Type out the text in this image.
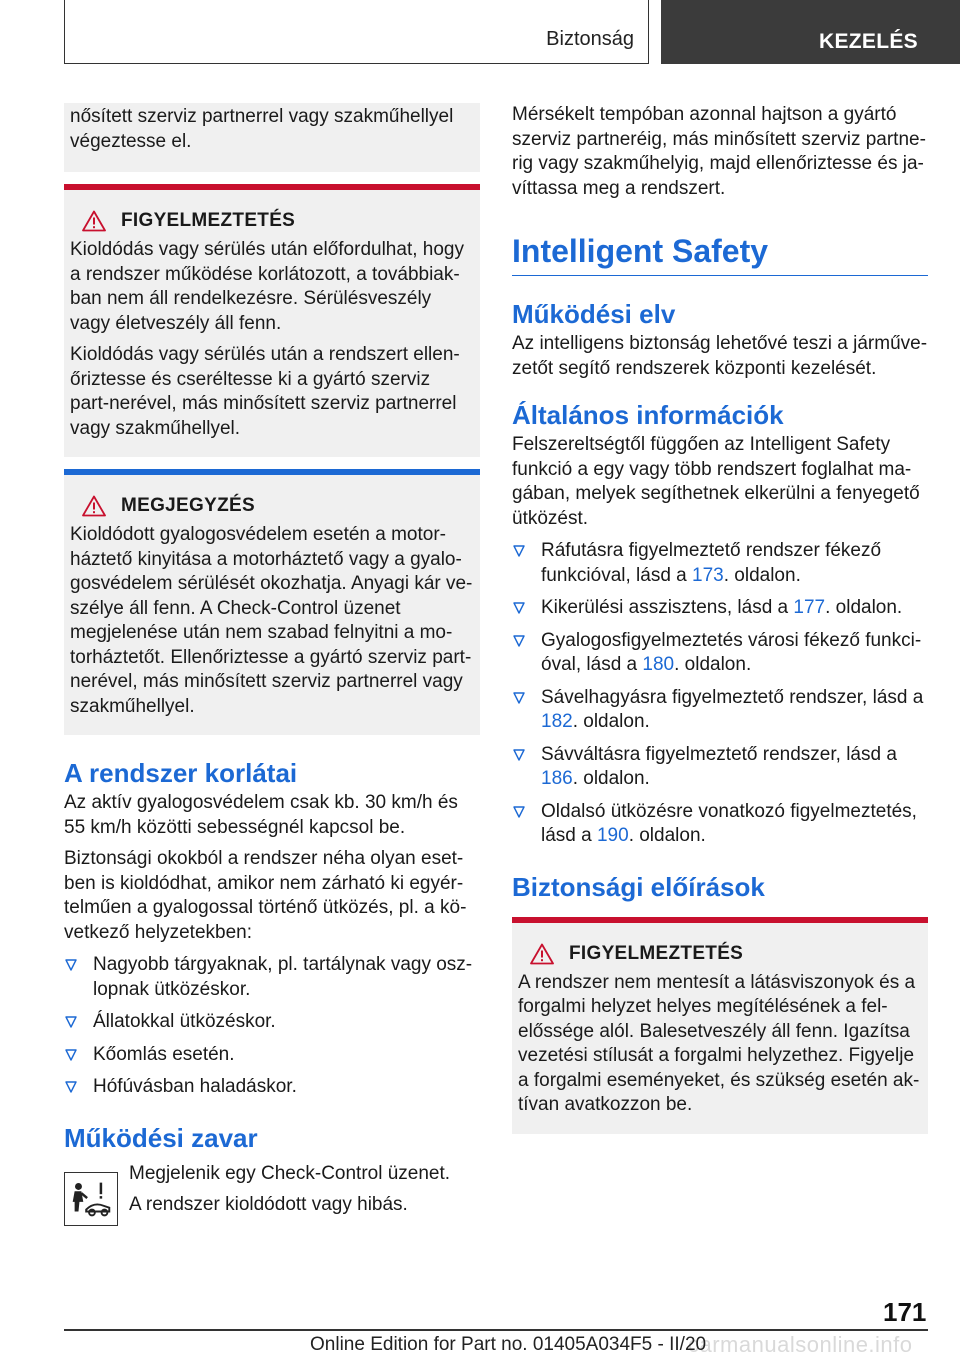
Biztonság	KEZELÉS

nősített szerviz partnerrel vagy szakműhellyel végeztesse el.

FIGYELMEZTETÉS

Kioldódás vagy sérülés után előfordulhat, hogy a rendszer működése korlátozott, a továbbiak-ban nem áll rendelkezésre. Sérülésveszély vagy életveszély áll fenn.

Kioldódás vagy sérülés után a rendszert ellen-őriztesse és cseréltesse ki a gyártó szerviz part-nerével, más minősített szerviz partnerrel vagy szakműhellyel.

MEGJEGYZÉS

Kioldódott gyalogosvédelem esetén a motor-háztető kinyitása a motorháztető vagy a gyalo-gosvédelem sérülését okozhatja. Anyagi kár ve-szélye áll fenn. A Check-Control üzenet megjelenése után nem szabad felnyitni a mo-torháztetőt. Ellenőriztesse a gyártó szerviz part-nerével, más minősített szerviz partnerrel vagy szakműhellyel.

A rendszer korlátai

Az aktív gyalogosvédelem csak kb. 30 km/h és 55 km/h közötti sebességnél kapcsol be.

Biztonsági okokból a rendszer néha olyan eset-ben is kioldódhat, amikor nem zárható ki egyér-telműen a gyalogossal történő ütközés, pl. a kö-vetkező helyzetekben:

Nagyobb tárgyaknak, pl. tartálynak vagy osz-lopnak ütközéskor.
Állatokkal ütközéskor.
Kőomlás esetén.
Hófúvásban haladáskor.
Működési zavar

Megjelenik egy Check-Control üzenet.

A rendszer kioldódott vagy hibás.

Mérsékelt tempóban azonnal hajtson a gyártó szerviz partneréig, más minősített szerviz partne-rig vagy szakműhelyig, majd ellenőriztesse és ja-víttassa meg a rendszert.

Intelligent Safety
Működési elv

Az intelligens biztonság lehetővé teszi a járműve-zetőt segítő rendszerek központi kezelését.

Általános információk

Felszereltségtől függően az Intelligent Safety funkció a egy vagy több rendszert foglalhat ma-gában, melyek segíthetnek elkerülni a fenyegető ütközést.

Ráfutásra figyelmeztető rendszer fékező funkcióval, lásd a 173. oldalon.
Kikerülési asszisztens, lásd a 177. oldalon.
Gyalogosfigyelmeztetés városi fékező funkci-óval, lásd a 180. oldalon.
Sávelhagyásra figyelmeztető rendszer, lásd a 182. oldalon.
Sávváltásra figyelmeztető rendszer, lásd a 186. oldalon.
Oldalsó ütközésre vonatkozó figyelmeztetés, lásd a 190. oldalon.
Biztonsági előírások
FIGYELMEZTETÉS

A rendszer nem mentesít a látásviszonyok és a forgalmi helyzet helyes megítélésének a fel-előssége alól. Balesetveszély áll fenn. Igazítsa vezetési stílusát a forgalmi helyzethez. Figyelje a forgalmi eseményeket, és szükség esetén ak-tívan avatkozzon be.

171
carmanualsonline.info
Online Edition for Part no. 01405A034F5 - II/20
